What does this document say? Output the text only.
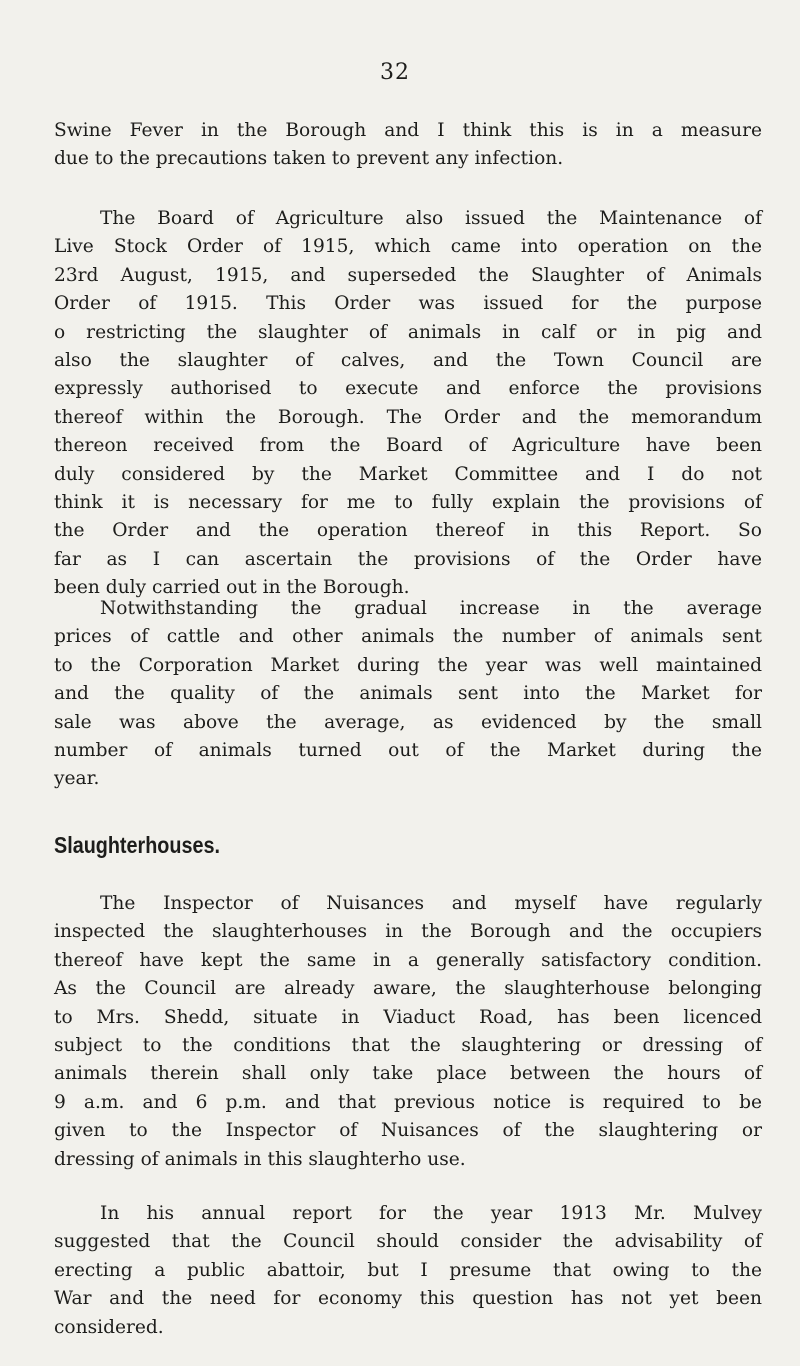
32
Swine Fever in the Borough and I think this is in a measure
due to the precautions taken to prevent any infection.
The Board of Agriculture also issued the Maintenance of
Live Stock Order of 1915, which came into operation on the
23rd August, 1915, and superseded the Slaughter of Animals
Order of 1915. This Order was issued for the purpose
o restricting the slaughter of animals in calf or in pig and
also the slaughter of calves, and the Town Council are
expressly authorised to execute and enforce the provisions
thereof within the Borough. The Order and the memorandum
thereon received from the Board of Agriculture have been
duly considered by the Market Committee and I do not
think it is necessary for me to fully explain the provisions of
the Order and the operation thereof in this Report. So
far as I can ascertain the provisions of the Order have
been duly carried out in the Borough.
Notwithstanding the gradual increase in the average
prices of cattle and other animals the number of animals sent
to the Corporation Market during the year was well maintained
and the quality of the animals sent into the Market for
sale was above the average, as evidenced by the small
number of animals turned out of the Market during the
year.
Slaughterhouses.
The Inspector of Nuisances and myself have regularly
inspected the slaughterhouses in the Borough and the occupiers
thereof have kept the same in a generally satisfactory condition.
As the Council are already aware, the slaughterhouse belonging
to Mrs. Shedd, situate in Viaduct Road, has been licenced
subject to the conditions that the slaughtering or dressing of
animals therein shall only take place between the hours of
9 a.m. and 6 p.m. and that previous notice is required to be
given to the Inspector of Nuisances of the slaughtering or
dressing of animals in this slaughterho use.
In his annual report for the year 1913 Mr. Mulvey
suggested that the Council should consider the advisability of
erecting a public abattoir, but I presume that owing to the
War and the need for economy this question has not yet been
considered.
